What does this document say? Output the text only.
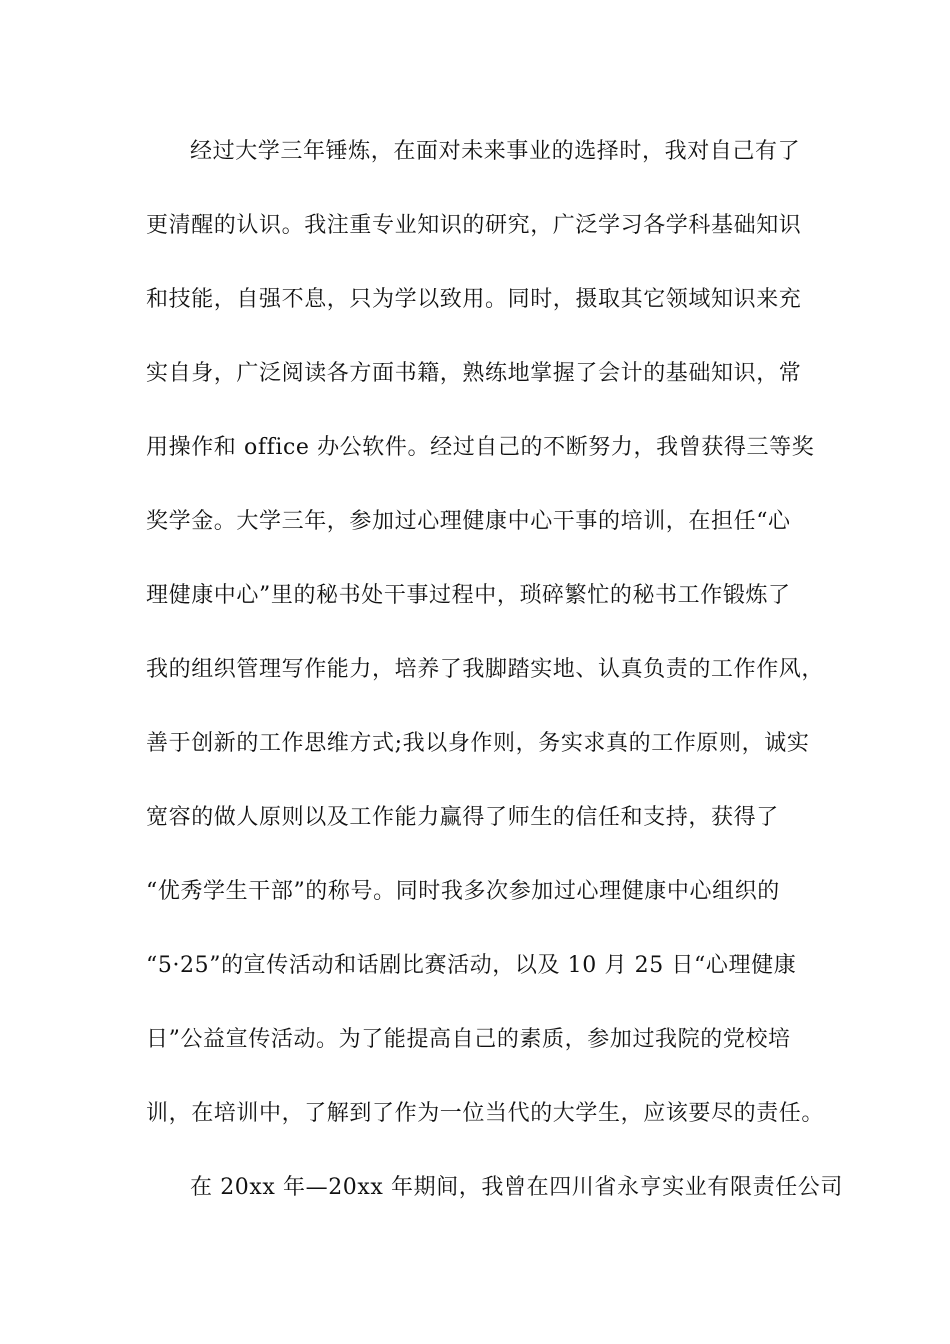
经过大学三年锤炼，在面对未来事业的选择时，我对自己有了
更清醒的认识。我注重专业知识的研究，广泛学习各学科基础知识
和技能，自强不息，只为学以致用。同时，摄取其它领域知识来充
实自身，广泛阅读各方面书籍，熟练地掌握了会计的基础知识，常
用操作和 office 办公软件。经过自己的不断努力，我曾获得三等奖
奖学金。大学三年，参加过心理健康中心干事的培训，在担任“心
理健康中心”里的秘书处干事过程中，琐碎繁忙的秘书工作锻炼了
我的组织管理写作能力，培养了我脚踏实地、认真负责的工作作风，
善于创新的工作思维方式;我以身作则，务实求真的工作原则，诚实
宽容的做人原则以及工作能力赢得了师生的信任和支持，获得了
“优秀学生干部”的称号。同时我多次参加过心理健康中心组织的
“5·25”的宣传活动和话剧比赛活动，以及 10 月 25 日“心理健康
日”公益宣传活动。为了能提高自己的素质，参加过我院的党校培
训，在培训中，了解到了作为一位当代的大学生，应该要尽的责任。
在 20xx 年—20xx 年期间，我曾在四川省永亨实业有限责任公司
